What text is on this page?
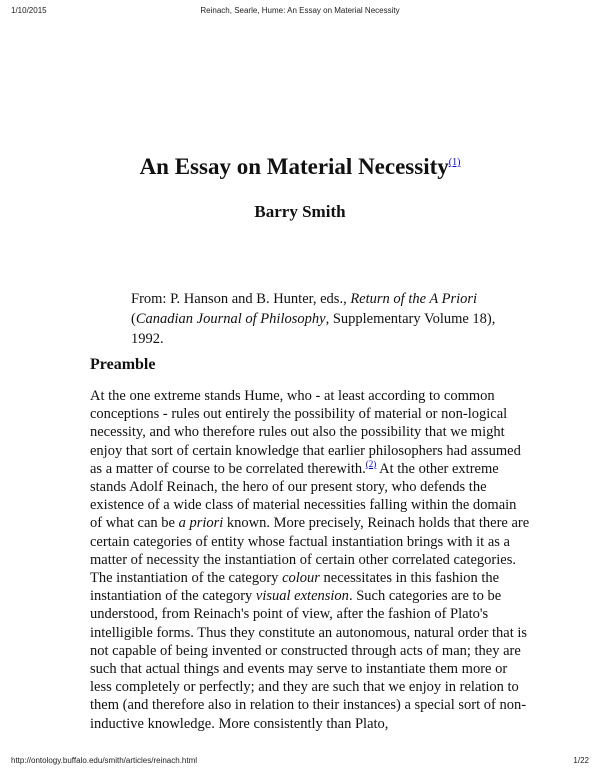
1/10/2015	Reinach, Searle, Hume: An Essay on Material Necessity
An Essay on Material Necessity$^{(1)}$
Barry Smith
From: P. Hanson and B. Hunter, eds., Return of the A Priori (Canadian Journal of Philosophy, Supplementary Volume 18), 1992.
Preamble

At the one extreme stands Hume, who - at least according to common conceptions - rules out entirely the possibility of material or non-logical necessity, and who therefore rules out also the possibility that we might enjoy that sort of certain knowledge that earlier philosophers had assumed as a matter of course to be correlated therewith.$^{(2)}$ At the other extreme stands Adolf Reinach, the hero of our present story, who defends the existence of a wide class of material necessities falling within the domain of what can be a priori known. More precisely, Reinach holds that there are certain categories of entity whose factual instantiation brings with it as a matter of necessity the instantiation of certain other correlated categories. The instantiation of the category colour necessitates in this fashion the instantiation of the category visual extension. Such categories are to be understood, from Reinach's point of view, after the fashion of Plato's intelligible forms. Thus they constitute an autonomous, natural order that is not capable of being invented or constructed through acts of man; they are such that actual things and events may serve to instantiate them more or less completely or perfectly; and they are such that we enjoy in relation to them (and therefore also in relation to their instances) a special sort of non-inductive knowledge. More consistently than Plato,

http://ontology.buffalo.edu/smith/articles/reinach.html	1/22
